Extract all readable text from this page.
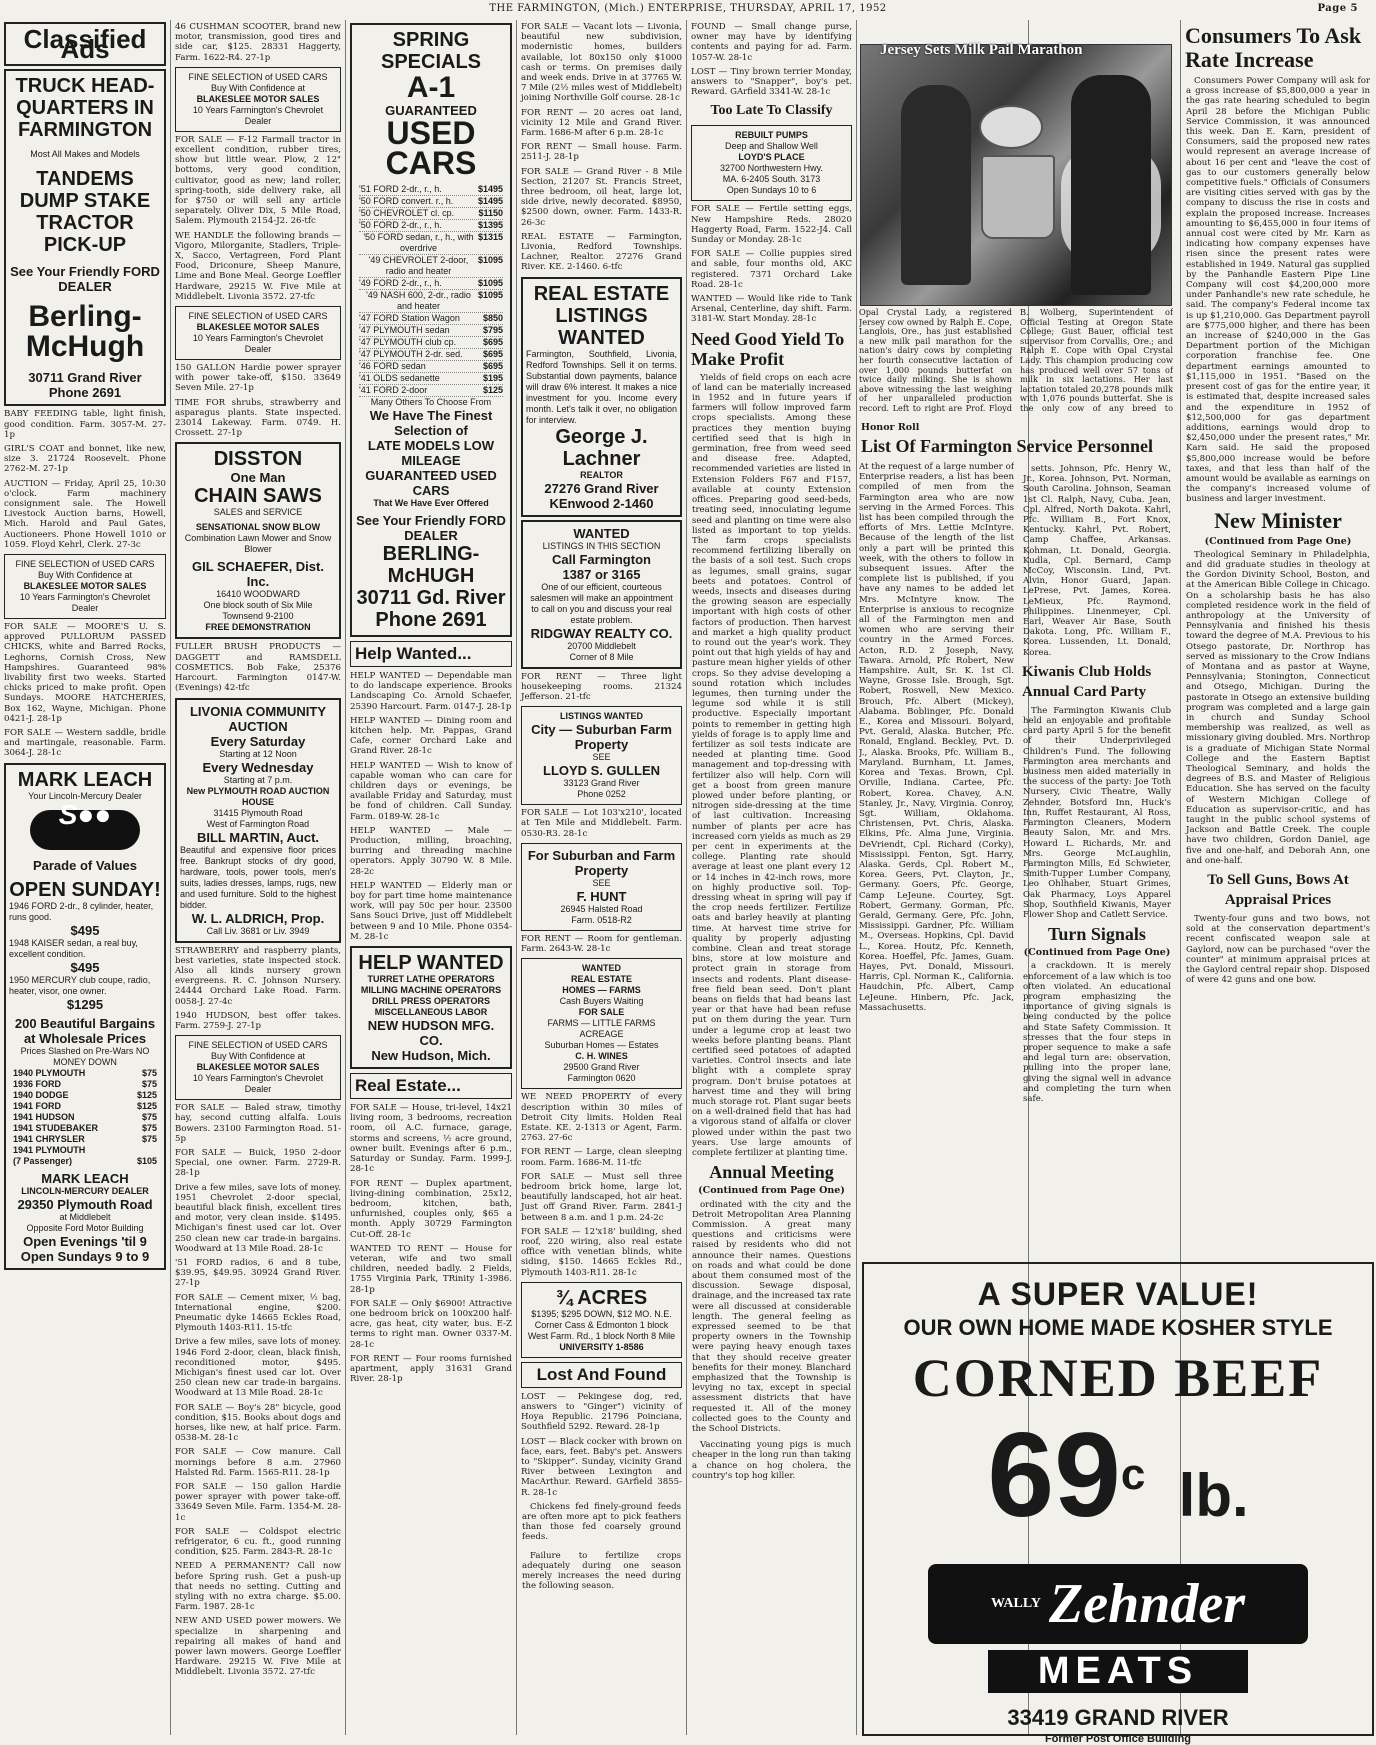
THE FARMINGTON, (Mich.) ENTERPRISE, THURSDAY, APRIL 17, 1952	Page 5
Classified Ads
TRUCK HEAD-QUARTERS IN FARMINGTON
Most All Makes and Models
TANDEMS DUMP STAKE TRACTOR PICK-UP
See Your Friendly FORD DEALER
Berling-McHugh
30711 Grand River
Phone 2691
BABY FEEDING table, light finish, good condition. Farm. 3057-M. 27-1p
GIRL'S COAT and bonnet, like new, size 3. 21724 Roosevelt. Phone 2762-M. 27-1p
AUCTION — Friday, April 25, 10:30 o'clock. Farm machinery consignment sale. The Howell Livestock Auction barns, Howell, Mich. Harold and Paul Gates, Auctioneers. Phone Howell 1010 or 1059. Floyd Kehrl, Clerk. 27-3c
FINE SELECTION of USED CARS
Buy With Confidence at
BLAKESLEE MOTOR SALES
10 Years Farmington's Chevrolet Dealer
FOR SALE — MOORE'S U. S. approved PULLORUM PASSED CHICKS, white and Barred Rocks, Leghorns, Cornish Cross, New Hampshires. Guaranteed 98% livability first two weeks. Started chicks priced to make profit. Open Sundays. MOORE HATCHERIES, Box 162, Wayne, Michigan. Phone 0421-J. 28-1p
FOR SALE — Western saddle, bridle and martingale, reasonable. Farm. 3064-J. 28-1c
MARK LEACH
Your Lincoln-Mercury Dealer
S●●
Parade of Values
OPEN SUNDAY!
1946 FORD 2-dr., 8 cylinder, heater, runs good.
$495
1948 KAISER sedan, a real buy, excellent condition.
$495
1950 MERCURY club coupe, radio, heater, visor, one owner.
$1295
200 Beautiful Bargains at Wholesale Prices
Prices Slashed on Pre-Wars NO MONEY DOWN
1940 PLYMOUTH	$75
1936 FORD	$75
1940 DODGE	$125
1941 FORD	$125
1941 HUDSON	$75
1941 STUDEBAKER	$75
1941 CHRYSLER	$75
1941 PLYMOUTH
(7 Passenger)	$105
MARK LEACH
LINCOLN-MERCURY DEALER
29350 Plymouth Road
at Middlebelt
Opposite Ford Motor Building
Open Evenings 'til 9
Open Sundays 9 to 9
46 CUSHMAN SCOOTER, brand new motor, transmission, good tires and side car, $125. 28331 Haggerty, Farm. 1622-R4. 27-1p
FINE SELECTION of USED CARS
Buy With Confidence at
BLAKESLEE MOTOR SALES
10 Years Farmington's Chevrolet Dealer
FOR SALE — F-12 Farmall tractor in excellent condition, rubber tires, show but little wear. Plow, 2 12" bottoms, very good condition, cultivator, good as new; land roller, spring-tooth, side delivery rake, all for $750 or will sell any article separately. Oliver Dix, 5 Mile Road, Salem. Plymouth 2154-J2. 26-tfc
WE HANDLE the following brands — Vigoro, Milorganite, Stadlers, Triple-X, Sacco, Vertagreen, Ford Plant Food, Driconure, Sheep Manure, Lime and Bone Meal. George Loeffler Hardware, 29215 W. Five Mile at Middlebelt. Livonia 3572. 27-tfc
FINE SELECTION of USED CARS
BLAKESLEE MOTOR SALES
10 Years Farmington's Chevrolet Dealer
150 GALLON Hardie power sprayer with power take-off, $150. 33649 Seven Mile. 27-1p
TIME FOR shrubs, strawberry and asparagus plants. State inspected. 23014 Lakeway. Farm. 0749. H. Crossett. 27-1p
DISSTON
One Man
CHAIN SAWS
SALES and SERVICE
SENSATIONAL SNOW BLOW
Combination Lawn Mower and Snow Blower
GIL SCHAEFER, Dist. Inc.
16410 WOODWARD
One block south of Six Mile
Townsend 9-2100
FREE DEMONSTRATION
FULLER BRUSH PRODUCTS — DAGGETT and RAMSDELL COSMETICS. Bob Fake, 25376 Harcourt. Farmington 0147-W. (Evenings) 42-tfc
LIVONIA COMMUNITY AUCTION
Every Saturday
Starting at 12 Noon
Every Wednesday
Starting at 7 p.m.
New PLYMOUTH ROAD AUCTION HOUSE
31415 Plymouth Road
West of Farmington Road
BILL MARTIN, Auct.
Beautiful and expensive floor prices free. Bankrupt stocks of dry good, hardware, tools, power tools, men's suits, ladies dresses, lamps, rugs, new and used furniture. Sold to the highest bidder.
W. L. ALDRICH, Prop.
Call Liv. 3681 or Liv. 3949
STRAWBERRY and raspberry plants, best varieties, state inspected stock. Also all kinds nursery grown evergreens. R. C. Johnson Nursery. 24444 Orchard Lake Road. Farm. 0058-J. 27-4c
1940 HUDSON, best offer takes. Farm. 2759-J. 27-1p
FINE SELECTION of USED CARS
Buy With Confidence at
BLAKESLEE MOTOR SALES
10 Years Farmington's Chevrolet Dealer
FOR SALE — Baled straw, timothy hay, second cutting alfalfa. Louis Bowers. 23100 Farmington Road. 51-5p
FOR SALE — Buick, 1950 2-door Special, one owner. Farm. 2729-R. 28-1p
Drive a few miles, save lots of money. 1951 Chevrolet 2-door special, beautiful black finish, excellent tires and motor, very clean inside. $1495. Michigan's finest used car lot. Over 250 clean new car trade-in bargains. Woodward at 13 Mile Road. 28-1c
'51 FORD radios, 6 and 8 tube, $39.95, $49.95. 30924 Grand River. 27-1p
FOR SALE — Cement mixer, ½ bag, International engine, $200. Pneumatic dyke 14665 Eckles Road, Plymouth 1403-R11. 15-tfc
Drive a few miles, save lots of money. 1946 Ford 2-door, clean, black finish, reconditioned motor, $495. Michigan's finest used car lot. Over 250 clean new car trade-in bargains. Woodward at 13 Mile Road. 28-1c
FOR SALE — Boy's 28" bicycle, good condition, $15. Books about dogs and horses, like new, at half price. Farm. 0538-M. 28-1c
FOR SALE — Cow manure. Call mornings before 8 a.m. 27960 Halsted Rd. Farm. 1565-R11. 28-1p
FOR SALE — 150 gallon Hardie power sprayer with power take-off. 33649 Seven Mile. Farm. 1354-M. 28-1c
FOR SALE — Coldspot electric refrigerator, 6 cu. ft., good running condition, $25. Farm. 2843-R. 28-1c
NEED A PERMANENT? Call now before Spring rush. Get a push-up that needs no setting. Cutting and styling with no extra charge. $5.00. Farm. 1987. 28-1c
NEW AND USED power mowers. We specialize in sharpening and repairing all makes of hand and power lawn mowers. George Loeffler Hardware. 29215 W. Five Mile at Middlebelt. Livonia 3572. 27-tfc
SPRING SPECIALS
A-1
GUARANTEED
USED CARS
'51 FORD 2-dr., r., h.	$1495
'50 FORD convert. r., h.	$1495
'50 CHEVROLET cl. cp.	$1150
'50 FORD 2-dr., r., h.	$1395
'50 FORD sedan, r., h., with overdrive
$1315
'49 CHEVROLET 2-door, radio and heater
$1095
'49 FORD 2-dr., r., h.	$1095
'49 NASH 600, 2-dr., radio and heater
$1095
'47 FORD Station Wagon	$850
'47 PLYMOUTH sedan	$795
'47 PLYMOUTH club cp.	$695
'47 PLYMOUTH 2-dr. sed. $695
'46 FORD sedan	$695
'41 OLDS sedanette	$195
'41 FORD 2-door	$125
Many Others To Choose From
We Have The Finest Selection of
LATE MODELS LOW MILEAGE GUARANTEED USED CARS
That We Have Ever Offered
See Your Friendly FORD DEALER
BERLING-McHUGH
30711 Gd. River
Phone 2691
Help Wanted...
HELP WANTED — Dependable man to do landscape experience. Brooks Landscaping Co. Arnold Schaefer, 25390 Harcourt. Farm. 0147-J. 28-1p
HELP WANTED — Dining room and kitchen help. Mr. Pappas, Grand Cafe, corner Orchard Lake and Grand River. 28-1c
HELP WANTED — Wish to know of capable woman who can care for children days or evenings, be available Friday and Saturday, must be fond of children. Call Sunday. Farm. 0189-W. 28-1c
HELP WANTED — Male — Production, milling, broaching, burring and threading machine operators. Apply 30790 W. 8 Mile. 28-2c
HELP WANTED — Elderly man or boy for part time home maintenance work, will pay 50c per hour. 23500 Sans Souci Drive, just off Middlebelt between 9 and 10 Mile. Phone 0354-M. 28-1c
HELP WANTED
TURRET LATHE OPERATORS
MILLING MACHINE OPERATORS
DRILL PRESS OPERATORS
MISCELLANEOUS LABOR
NEW HUDSON MFG. CO.
New Hudson, Mich.
Real Estate...
FOR SALE — House, tri-level, 14x21 living room, 3 bedrooms, recreation room, oil A.C. furnace, garage, storms and screens, ½ acre ground, owner built. Evenings after 6 p.m., Saturday or Sunday. Farm. 1999-J. 28-1c
FOR RENT — Duplex apartment, living-dining combination, 25x12, bedroom, kitchen, bath, unfurnished, couples only, $65 a month. Apply 30729 Farmington Cut-Off. 28-1c
WANTED TO RENT — House for veteran, wife and two small children, needed badly. 2 Fields, 1755 Virginia Park, TRinity 1-3986. 28-1p
FOR SALE — Only $6900! Attractive one bedroom brick on 100x200 half-acre, gas heat, city water, bus. E-Z terms to right man. Owner 0337-M. 28-1c
FOR RENT — Four rooms furnished apartment, apply 31631 Grand River. 28-1p
FOR SALE — Vacant lots — Livonia, beautiful new subdivision, modernistic homes, builders available, lot 80x150 only $1000 cash or terms. On premises daily and week ends. Drive in at 37765 W. 7 Mile (2½ miles west of Middlebelt) joining Northville Golf course. 28-1c
FOR RENT — 20 acres oat land, vicinity 12 Mile and Grand River. Farm. 1686-M after 6 p.m. 28-1c
FOR RENT — Small house. Farm. 2511-J. 28-1p
FOR SALE — Grand River - 8 Mile Section, 21207 St. Francis Street, three bedroom, oil heat, large lot, side drive, newly decorated. $8950, $2500 down, owner. Farm. 1433-R. 26-3c
REAL ESTATE — Farmington, Livonia, Redford Townships. Lachner, Realtor. 27276 Grand River. KE. 2-1460. 6-tfc
REAL ESTATE LISTINGS WANTED
Farmington, Southfield, Livonia, Redford Townships. Sell it on terms. Substantial down payments, balance will draw 6% interest. It makes a nice investment for you. Income every month. Let's talk it over, no obligation for interview.
George J. Lachner
REALTOR
27276 Grand River
KEnwood 2-1460
WANTED
LISTINGS IN THIS SECTION
Call Farmington
1387 or 3165
One of our efficient, courteous salesmen will make an appointment to call on you and discuss your real estate problem.
RIDGWAY REALTY CO.
20700 Middlebelt
Corner of 8 Mile
FOR RENT — Three light housekeeping rooms. 21324 Jefferson. 21-tfc
LISTINGS WANTED
City — Suburban Farm Property
SEE
LLOYD S. GULLEN
33123 Grand River
Phone 0252
FOR SALE — Lot 103'x210', located at Ten Mile and Middlebelt. Farm. 0530-R3. 28-1c
For Suburban and Farm Property
SEE
F. HUNT
26945 Halsted Road
Farm. 0518-R2
FOR RENT — Room for gentleman. Farm. 2643-W. 28-1c
WANTED
REAL ESTATE
HOMES — FARMS
Cash Buyers Waiting
FOR SALE
FARMS — LITTLE FARMS ACREAGE
Suburban Homes — Estates
C. H. WINES
29500 Grand River
Farmington 0620
WE NEED PROPERTY of every description within 30 miles of Detroit City limits. Holden Real Estate. KE. 2-1313 or Agent, Farm. 2763. 27-6c
FOR RENT — Large, clean sleeping room. Farm. 1686-M. 11-tfc
FOR SALE — Must sell three bedroom brick home, large lot, beautifully landscaped, hot air heat. Just off Grand River. Farm. 2841-J between 8 a.m. and 1 p.m. 24-2c
FOR SALE — 12'x18' building, shed roof, 220 wiring, also real estate office with venetian blinds, white siding, $150. 14665 Eckles Rd., Plymouth 1403-R11. 28-1c
¾ ACRES
$1395; $295 DOWN, $12 MO. N.E. Corner Cass & Edmonton 1 block West Farm. Rd., 1 block North 8 Mile
UNIVERSITY 1-8586
Lost And Found
LOST — Pekingese dog, red, answers to "Ginger") vicinity of Hoya Republic. 21796 Poinciana, Southfield 5292. Reward. 28-1p
LOST — Black cocker with brown on face, ears, feet. Baby's pet. Answers to "Skipper". Sunday, vicinity Grand River between Lexington and MacArthur. Reward. GArfield 3855-R. 28-1c
Chickens fed finely-ground feeds are often more apt to pick feathers than those fed coarsely ground feeds.
Failure to fertilize crops adequately during one season merely increases the need during the following season.
FOUND — Small change purse, owner may have by identifying contents and paying for ad. Farm. 1057-W. 28-1c
LOST — Tiny brown terrier Monday, answers to "Snapper", boy's pet. Reward. GArfield 3341-W. 28-1c
Too Late To Classify
REBUILT PUMPS
Deep and Shallow Well
LOYD'S PLACE
32700 Northwestern Hwy.
MA. 6-2405 South. 3173
Open Sundays 10 to 6
FOR SALE — Fertile setting eggs, New Hampshire Reds. 28020 Haggerty Road, Farm. 1522-J4. Call Sunday or Monday. 28-1c
FOR SALE — Collie puppies sired and sable, four months old, AKC registered. 7371 Orchard Lake Road. 28-1c
WANTED — Would like ride to Tank Arsenal, Centerline, day shift. Farm. 3181-W. Start Monday. 28-1c
Need Good Yield To Make Profit
Yields of field crops on each acre of land can be materially increased in 1952 and in future years if farmers will follow improved farm crops specialists. Among these practices they mention buying certified seed that is high in germination, free from weed seed and disease free. Adapted, recommended varieties are listed in Extension Folders F67 and F157, available at county Extension offices. Preparing good seed-beds, treating seed, innoculating legume seed and planting on time were also listed as important to top yields. The farm crops specialists recommend fertilizing liberally on the basis of a soil test. Such crops as legumes, small grains, sugar beets and potatoes. Control of weeds, insects and diseases during the growing season are especially important with high costs of other factors of production. Then harvest and market a high quality product to round out the year's work. They point out that high yields of hay and pasture mean higher yields of other crops. So they advise developing a sound rotation which includes legumes, then turning under the legume sod while it is still productive. Especially important points to remember in getting high yields of forage is to apply lime and fertilizer as soil tests indicate are needed at planting time. Good management and top-dressing with fertilizer also will help. Corn will get a boost from green manure plowed under before planting, or nitrogen side-dressing at the time of last cultivation. Increasing number of plants per acre has increased corn yields as much as 29 per cent in experiments at the college. Planting rate should average at least one plant every 12 or 14 inches in 42-inch rows, more on highly productive soil. Top-dressing wheat in spring will pay if the crop needs fertilizer. Fertilize oats and barley heavily at planting time. At harvest time strive for quality by properly adjusting combine. Clean and treat storage bins, store at low moisture and protect grain in storage from insects and rodents. Plant disease-free field bean seed. Don't plant beans on fields that had beans last year or that have had bean refuse put on them during the year. Turn under a legume crop at least two weeks before planting beans. Plant certified seed potatoes of adapted varieties. Control insects and late blight with a complete spray program. Don't bruise potatoes at harvest time and they will bring much storage rot. Plant sugar beets on a well-drained field that has had a vigorous stand of alfalfa or clover plowed under within the past two years. Use large amounts of complete fertilizer at planting time.
Annual Meeting
(Continued from Page One)
ordinated with the city and the Detroit Metropolitan Area Planning Commission. A great many questions and criticisms were raised by residents who did not announce their names. Questions on roads and what could be done about them consumed most of the discussion. Sewage disposal, drainage, and the increased tax rate were all discussed at considerable length. The general feeling as expressed seemed to be that property owners in the Township were paying heavy enough taxes that they should receive greater benefits for their money. Blanchard emphasized that the Township is levying no tax, except in special assessment districts that have requested it. All of the money collected goes to the County and the School Districts.
Vaccinating young pigs is much cheaper in the long run than taking a chance on hog cholera, the country's top hog killer.
Jersey Sets Milk Pail Marathon
Opal Crystal Lady, a registered Jersey cow owned by Ralph E. Cope, Langlois, Ore., has just established a new milk pail marathon for the nation's dairy cows by completing her fourth consecutive lactation of over 1,000 pounds butterfat on twice daily milking. She is shown above witnessing the last weighing of her unparalleled production record. Left to right are Prof. Floyd B. Wolberg, Superintendent of Official Testing at Oregon State College; Gust Bauer, official test supervisor from Corvallis, Ore.; and Ralph E. Cope with Opal Crystal Lady. This champion producing cow has produced well over 57 tons of milk in six lactations. Her last lactation totaled 20,278 pounds milk with 1,076 pounds butterfat. She is the only cow of any breed to
Honor Roll
List Of Farmington Service Personnel
At the request of a large number of Enterprise readers, a list has been compiled of men from the Farmington area who are now serving in the Armed Forces. This list has been compiled through the efforts of Mrs. Lettie McIntyre. Because of the length of the list only a part will be printed this week, with the others to follow in subsequent issues. After the complete list is published, if you have any names to be added let Mrs. McIntyre know. The Enterprise is anxious to recognize all of the Farmington men and women who are serving their country in the Armed Forces. Acton, R.D. 2 Joseph, Navy, Tawara. Arnold, Pfc Robert, New Hampshire. Ault, Sr. K. 1st Cl. Wayne, Grosse Isle. Brough, Sgt. Robert, Roswell, New Mexico. Brouch, Pfc. Albert (Mickey), Alabama. Boblinger, Pfc. Donald E., Korea and Missouri. Bolyard, Pvt. Gerald, Alaska. Butcher, Pfc. Ronald, England. Beckley, Pvt. D. J., Alaska. Brooks, Pfc. William B., Maryland. Burnham, Lt. James, Korea and Texas. Brown, Cpl. Orville, Indiana. Cartee, Pfc. Robert, Korea. Chavey, A.N. Stanley, Jr., Navy, Virginia. Conroy, Sgt. William, Oklahoma. Christensen, Pvt. Chris, Alaska. Elkins, Pfc. Alma June, Virginia. DeVriendt, Cpl. Richard (Corky), Mississippi. Fenton, Sgt. Harry, Alaska. Gerds, Cpl. Robert M., Korea. Geers, Pvt. Clayton, Jr., Germany. Goers, Pfc. George, Camp LeJeune. Courtey, Sgt. Robert, Germany. Gorman, Pfc. Gerald, Germany. Gere, Pfc. John, Mississippi. Gardner, Pfc. William M., Overseas. Hopkins, Cpl. David L., Korea. Houtz, Pfc. Kenneth, Korea. Hoeffel, Pfc. James, Guam. Hayes, Pvt. Donald, Missouri. Harris, Cpl. Norman K., California. Haudchin, Pfc. Albert, Camp LeJeune. Hinbern, Pfc. Jack, Massachusetts.
setts. Johnson, Pfc. Henry W., Jr., Korea. Johnson, Pvt. Norman, South Carolina. Johnson, Seaman 1st Cl. Ralph, Navy, Cuba. Jean, Cpl. Alfred, North Dakota. Kahrl, Pfc. William B., Fort Knox, Kentucky. Kahrl, Pvt. Robert, Camp Chaffee, Arkansas. Kohman, Lt. Donald, Georgia. Kudla, Cpl. Bernard, Camp McCoy, Wisconsin. Lind, Pvt. Alvin, Honor Guard, Japan. LePrese, Pvt. James, Korea. LeMieux, Pfc. Raymond, Philippines. Linenmeyer, Cpl. Earl, Weaver Air Base, South Dakota. Long, Pfc. William F., Korea. Lussenden, Lt. Donald, Korea.
Kiwanis Club Holds Annual Card Party
The Farmington Kiwanis Club held an enjoyable and profitable card party April 5 for the benefit of their Underprivileged Children's Fund. The following Farmington area merchants and business men aided materially in the success of the party: Joe Toth Nursery, Civic Theatre, Wally Zehnder, Botsford Inn, Huck's Inn, Ruffet Restaurant, Al Ross, Farmington Cleaners, Modern Beauty Salon, Mr. and Mrs. Howard L. Richards, Mr. and Mrs. George McLaughlin, Farmington Mills, Ed Schwieter, Smith-Tupper Lumber Company, Leo Ohlhaber, Stuart Grimes, Oak Pharmacy, Loys Apparel Shop, Southfield Kiwanis, Mayer Flower Shop and Catlett Service.
Turn Signals
(Continued from Page One)
a crackdown. It is merely enforcement of a law which is too often violated. An educational program emphasizing the importance of giving signals is being conducted by the police and State Safety Commission. It stresses that the four steps in proper sequence to make a safe and legal turn are: observation, pulling into the proper lane, giving the signal well in advance and completing the turn when safe.
Consumers To Ask Rate Increase
Consumers Power Company will ask for a gross increase of $5,800,000 a year in the gas rate hearing scheduled to begin April 28 before the Michigan Public Service Commission, it was announced this week. Dan E. Karn, president of Consumers, said the proposed new rates would represent an average increase of about 16 per cent and "leave the cost of gas to our customers generally below competitive fuels." Officials of Consumers are visiting cities served with gas by the company to discuss the rise in costs and explain the proposed increase. Increases amounting to $6,455,000 in four items of annual cost were cited by Mr. Karn as indicating how company expenses have risen since the present rates were established in 1949. Natural gas supplied by the Panhandle Eastern Pipe Line Company will cost $4,200,000 more under Panhandle's new rate schedule, he said. The company's Federal income tax is up $1,210,000. Gas Department payroll are $775,000 higher, and there has been an increase of $240,000 in the Gas Department portion of the Michigan corporation franchise fee. One department earnings amounted to $1,115,000 in 1951. "Based on the present cost of gas for the entire year, it is estimated that, despite increased sales and the expenditure in 1952 of $12,500,000 for gas department additions, earnings would drop to $2,450,000 under the present rates," Mr. Karn said. He said the proposed $5,800,000 increase would be before taxes, and that less than half of the amount would be available as earnings on the company's increased volume of business and larger investment.
New Minister
(Continued from Page One)
Theological Seminary in Philadelphia, and did graduate studies in theology at the Gordon Divinity School, Boston, and at the American Bible College in Chicago. On a scholarship basis he has also completed residence work in the field of anthropology at the University of Pennsylvania and finished his thesis toward the degree of M.A. Previous to his Otsego pastorate, Dr. Northrop has served as missionary to the Crow Indians of Montana and as pastor at Wayne, Pennsylvania; Stonington, Connecticut and Otsego, Michigan. During the pastorate in Otsego an extensive building program was completed and a large gain in church and Sunday School membership was realized, as well as missionary giving doubled. Mrs. Northrop is a graduate of Michigan State Normal College and the Eastern Baptist Theological Seminary, and holds the degrees of B.S. and Master of Religious Education. She has served on the faculty of Western Michigan College of Education as supervisor-critic, and has taught in the public school systems of Jackson and Battle Creek. The couple have two children, Gordon Daniel, age five and one-half, and Deborah Ann, one and one-half.
To Sell Guns, Bows At Appraisal Prices
Twenty-four guns and two bows, not sold at the conservation department's recent confiscated weapon sale at Gaylord, now can be purchased "over the counter" at minimum appraisal prices at the Gaylord central repair shop. Disposed of were 42 guns and one bow.
A SUPER VALUE!
OUR OWN HOME MADE KOSHER STYLE
CORNED BEEF
69$^c$ lb.
$^{WALLY}$ Zehnder
MEATS
33419 GRAND RIVER
Former Post Office Building
